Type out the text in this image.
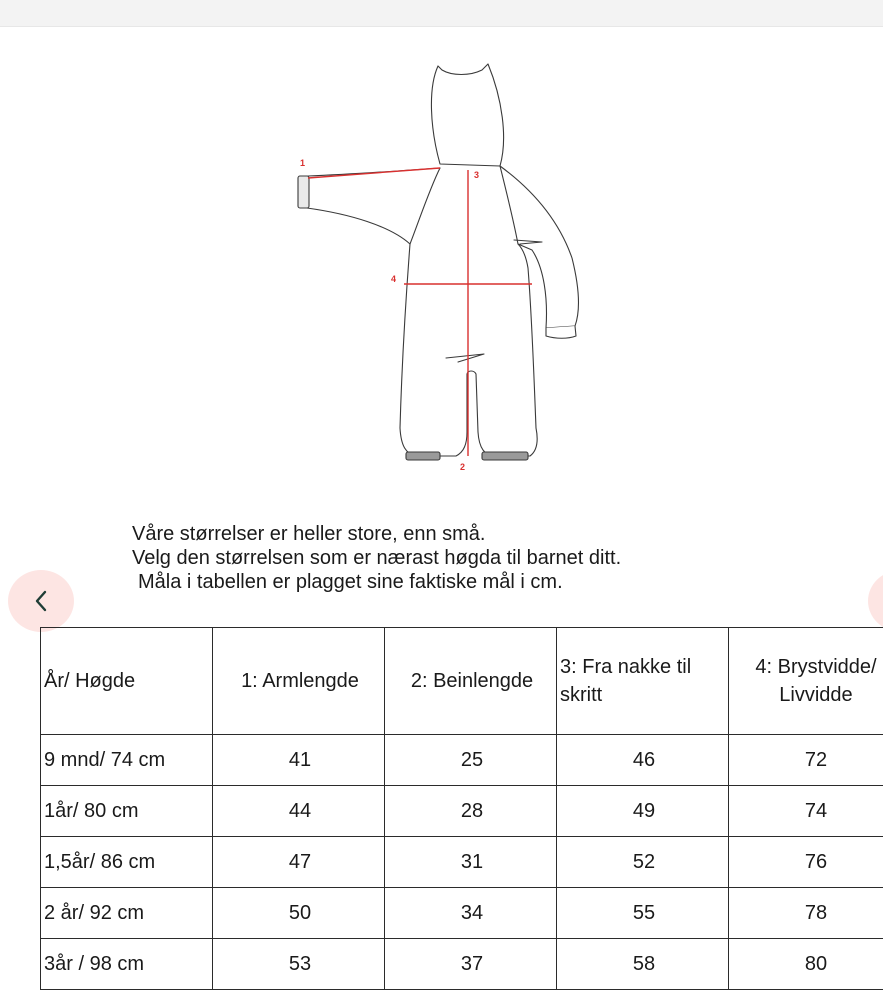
1
2
3
4
Våre størrelser er heller store, enn små.
Velg den størrelsen som er nærast høgda til barnet ditt.
Måla i tabellen er plagget sine faktiske mål i cm.
År/ Høgde	1: Armlengde	2: Beinlengde	3: Fra nakke til skritt	4: Brystvidde/ Livvidde
9 mnd/ 74 cm	41	25	46	72
1år/ 80 cm	44	28	49	74
1,5år/ 86 cm	47	31	52	76
2 år/ 92 cm	50	34	55	78
3år / 98 cm	53	37	58	80
